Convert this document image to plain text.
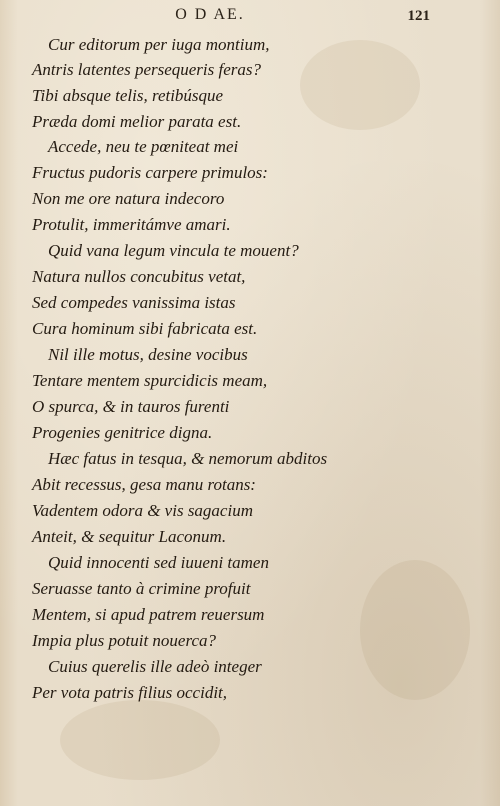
O D AE.	121
Cur editorum per iuga montium,
Antris latentes persequeris feras?
Tibi absque telis, retibúsque
Præda domi melior parata est.
Accede, neu te pœniteat mei
Fructus pudoris carpere primulos:
Non me ore natura indecoro
Protulit, immeritámve amari.
Quid vana legum vincula te mouent?
Natura nullos concubitus vetat,
Sed compedes vanissima istas
Cura hominum sibi fabricata est.
Nil ille motus, desine vocibus
Tentare mentem spurcidicis meam,
O spurca, & in tauros furenti
Progenies genitrice digna.
Hæc fatus in tesqua, & nemorum abditos
Abit recessus, gesa manu rotans:
Vadentem odora & vis sagacium
Anteit, & sequitur Laconum.
Quid innocenti sed iuueni tamen
Seruasse tanto à crimine profuit
Mentem, si apud patrem reuersum
Impia plus potuit nouerca?
Cuius querelis ille adeò integer
Per vota patris filius occidit,
